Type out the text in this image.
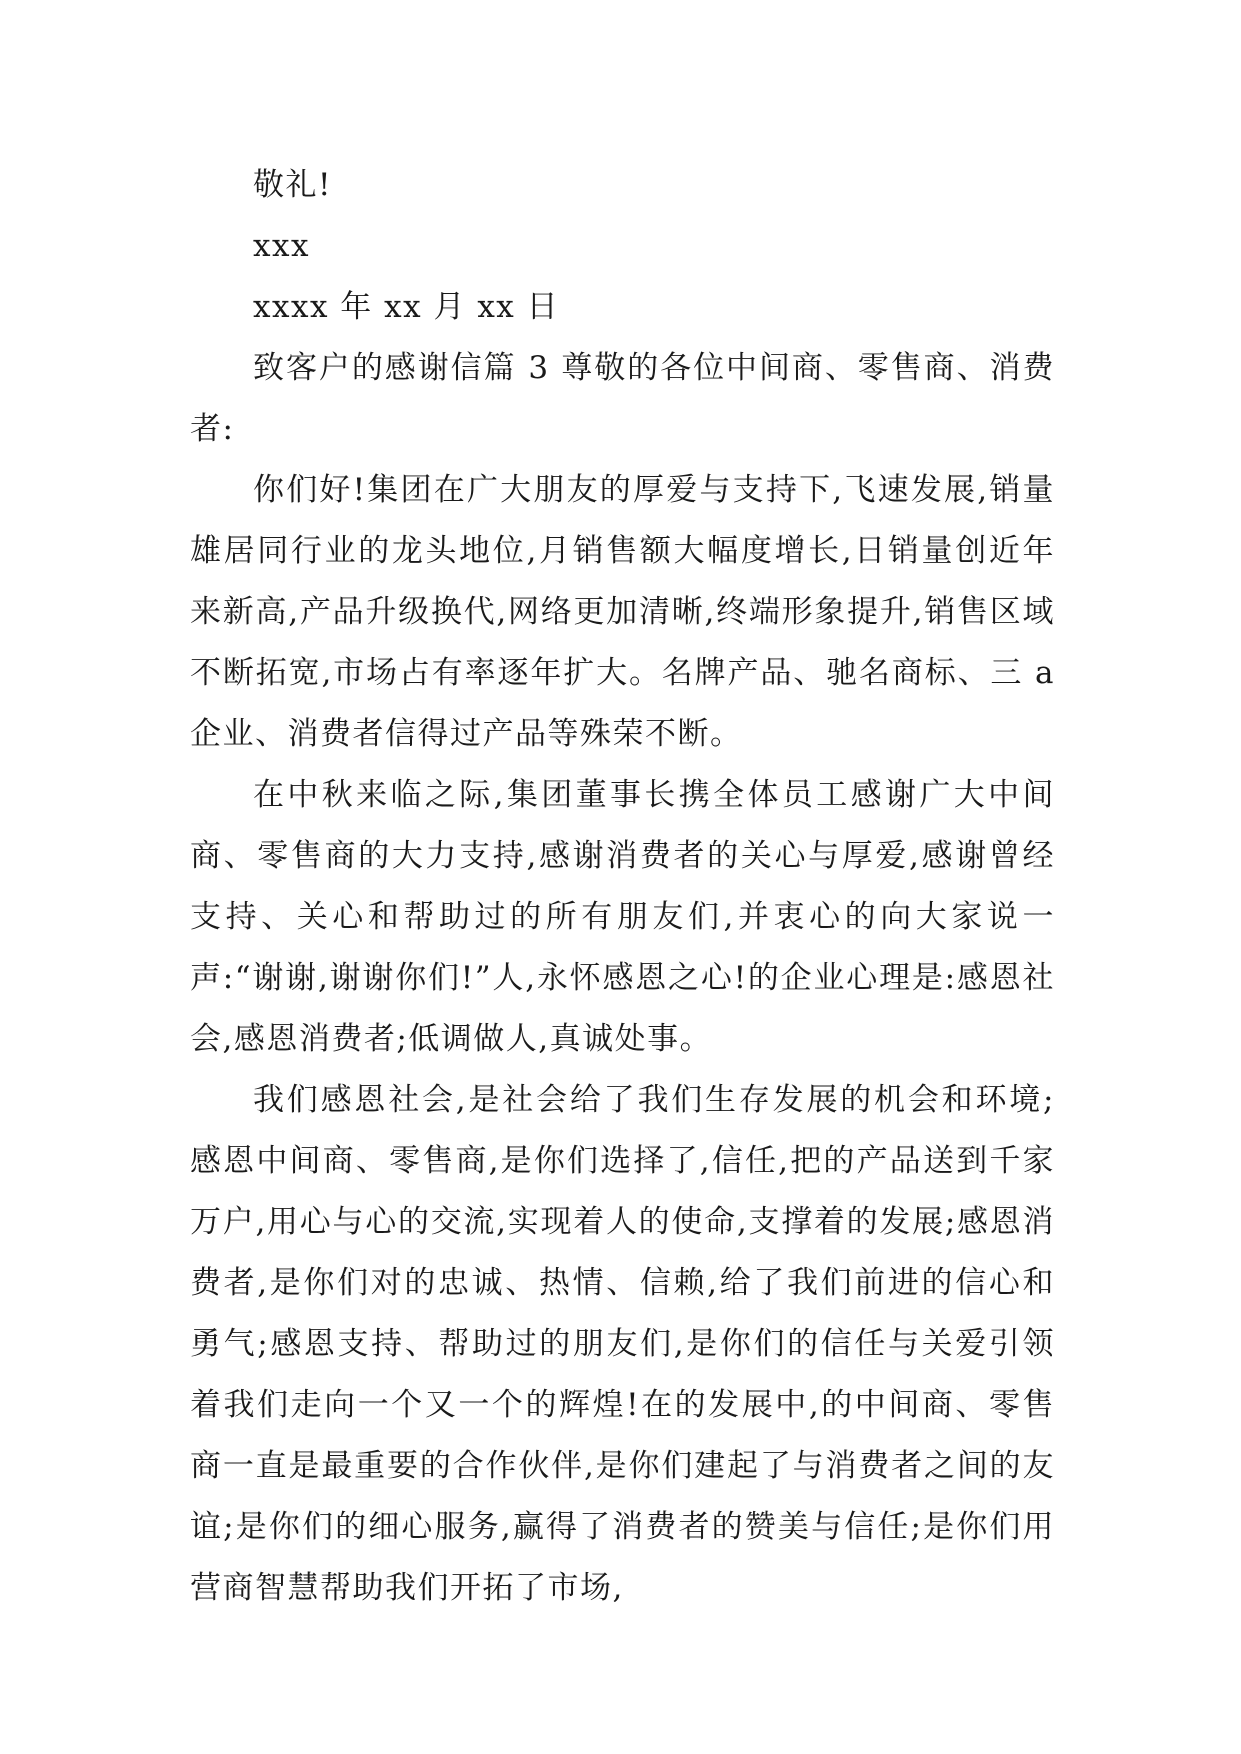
敬礼!

xxx

xxxx 年 xx 月 xx 日

致客户的感谢信篇 3 尊敬的各位中间商、零售商、消费者:

你们好!集团在广大朋友的厚爱与支持下,飞速发展,销量雄居同行业的龙头地位,月销售额大幅度增长,日销量创近年来新高,产品升级换代,网络更加清晰,终端形象提升,销售区域不断拓宽,市场占有率逐年扩大。名牌产品、驰名商标、三 a 企业、消费者信得过产品等殊荣不断。

在中秋来临之际,集团董事长携全体员工感谢广大中间商、零售商的大力支持,感谢消费者的关心与厚爱,感谢曾经支持、关心和帮助过的所有朋友们,并衷心的向大家说一声:“谢谢,谢谢你们!”人,永怀感恩之心!的企业心理是:感恩社会,感恩消费者;低调做人,真诚处事。

我们感恩社会,是社会给了我们生存发展的机会和环境;感恩中间商、零售商,是你们选择了,信任,把的产品送到千家万户,用心与心的交流,实现着人的使命,支撑着的发展;感恩消费者,是你们对的忠诚、热情、信赖,给了我们前进的信心和勇气;感恩支持、帮助过的朋友们,是你们的信任与关爱引领着我们走向一个又一个的辉煌!在的发展中,的中间商、零售商一直是最重要的合作伙伴,是你们建起了与消费者之间的友谊;是你们的细心服务,赢得了消费者的赞美与信任;是你们用营商智慧帮助我们开拓了市场,
